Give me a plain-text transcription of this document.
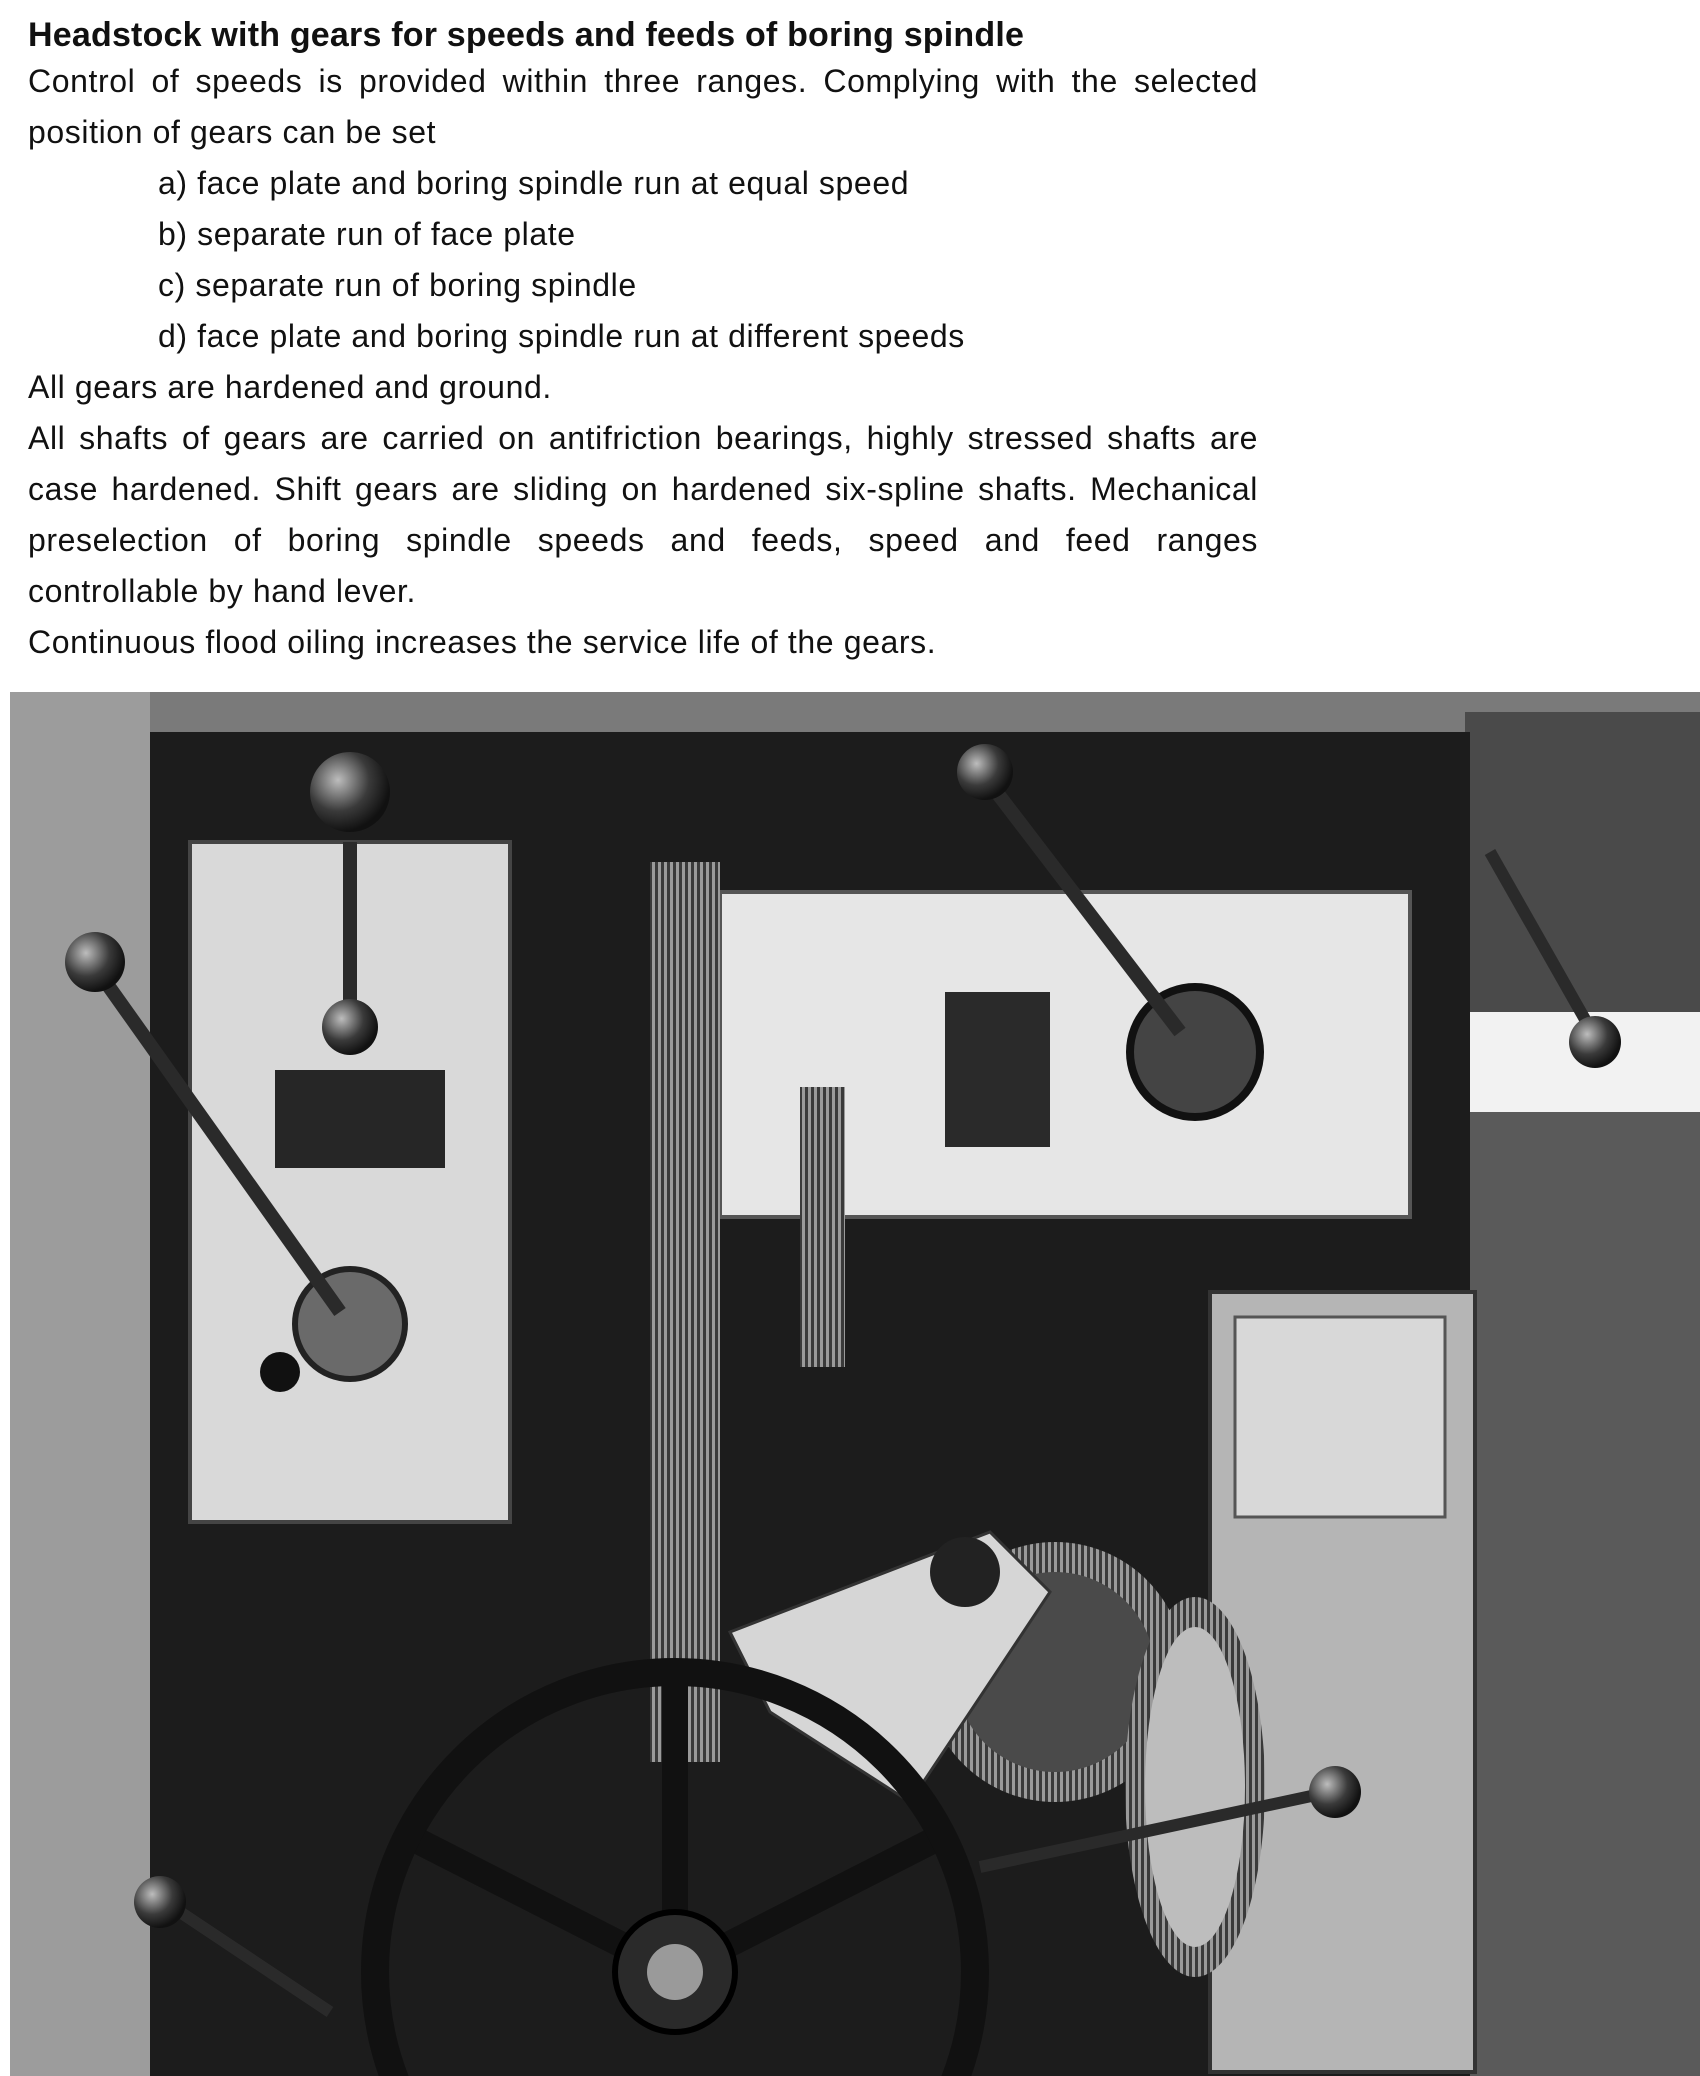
Headstock with gears for speeds and feeds of boring spindle

Control of speeds is provided within three ranges. Complying with the selected position of gears can be set

a) face plate and boring spindle run at equal speed
b) separate run of face plate
c) separate run of boring spindle
d) face plate and boring spindle run at different speeds

All gears are hardened and ground.

All shafts of gears are carried on antifriction bearings, highly stressed shafts are case hardened. Shift gears are sliding on hardened six-spline shafts. Mechanical preselection of boring spindle speeds and feeds, speed and feed ranges controllable by hand lever.

Continuous flood oiling increases the service life of the gears.
